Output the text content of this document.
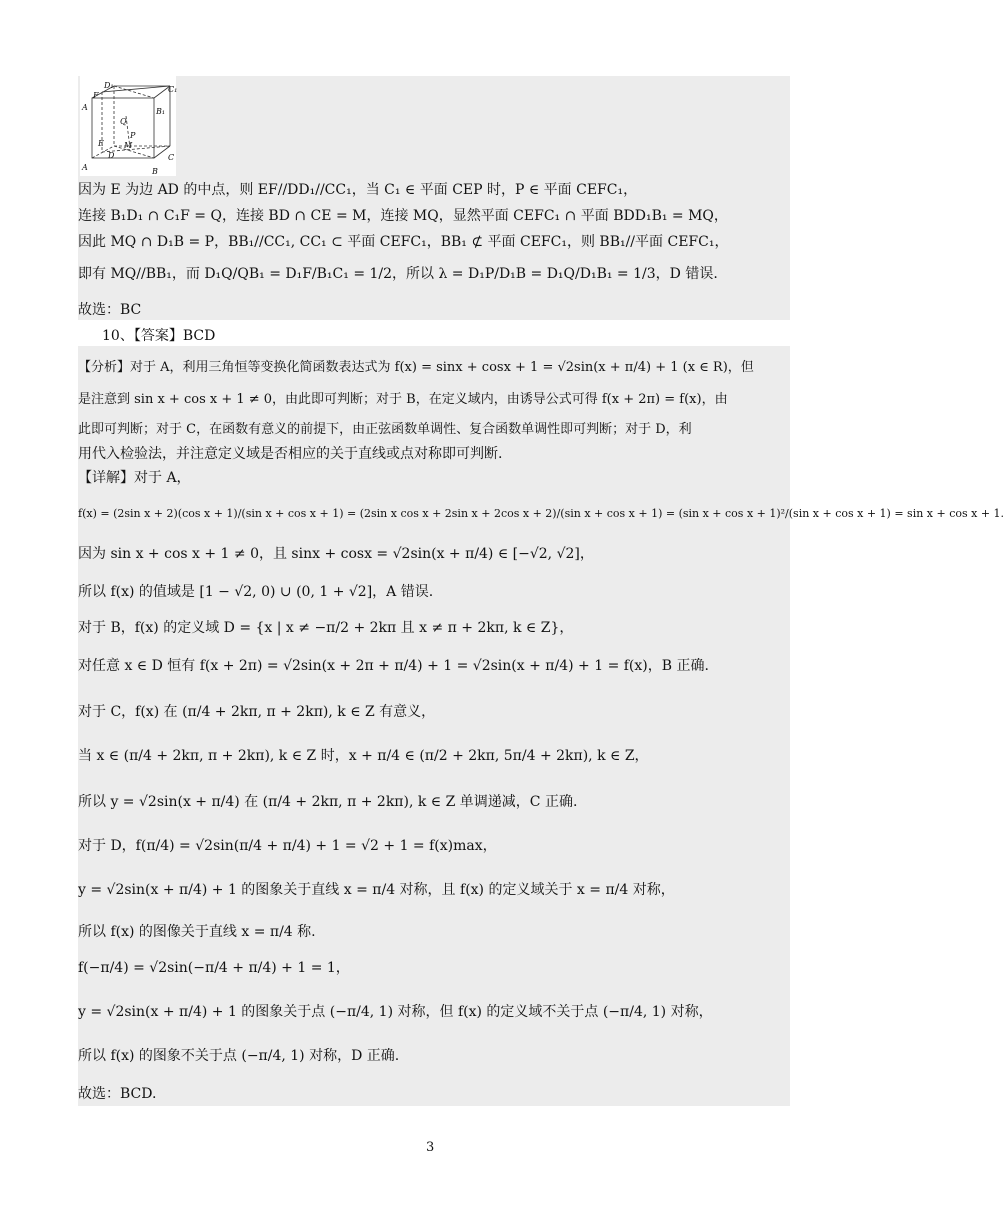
D₁	C₁
F
A	B₁
Q
E	M
P
D	C
A	B
因为 E 为边 AD 的中点，则 EF//DD₁//CC₁，当 C₁ ∈ 平面 CEP 时，P ∈ 平面 CEFC₁，
连接 B₁D₁ ∩ C₁F = Q，连接 BD ∩ CE = M，连接 MQ，显然平面 CEFC₁ ∩ 平面 BDD₁B₁ = MQ，
因此 MQ ∩ D₁B = P，BB₁//CC₁, CC₁ ⊂ 平面 CEFC₁，BB₁ ⊄ 平面 CEFC₁，则 BB₁//平面 CEFC₁，
即有 MQ//BB₁，而 D₁Q/QB₁ = D₁F/B₁C₁ = 1/2，所以 λ = D₁P/D₁B = D₁Q/D₁B₁ = 1/3，D 错误.
故选：BC
10、【答案】BCD
【分析】对于 A，利用三角恒等变换化简函数表达式为 f(x) = sinx + cosx + 1 = √2sin(x + π/4) + 1 (x ∈ R)，但
是注意到 sin x + cos x + 1 ≠ 0，由此即可判断；对于 B，在定义域内，由诱导公式可得 f(x + 2π) = f(x)，由
此即可判断；对于 C，在函数有意义的前提下，由正弦函数单调性、复合函数单调性即可判断；对于 D，利
用代入检验法，并注意定义域是否相应的关于直线或点对称即可判断.
【详解】对于 A，
f(x) = (2sin x + 2)(cos x + 1)/(sin x + cos x + 1) = (2sin x cos x + 2sin x + 2cos x + 2)/(sin x + cos x + 1) = (sin x + cos x + 1)²/(sin x + cos x + 1) = sin x + cos x + 1.
因为 sin x + cos x + 1 ≠ 0，且 sinx + cosx = √2sin(x + π/4) ∈ [−√2, √2]，
所以 f(x) 的值域是 [1 − √2, 0) ∪ (0, 1 + √2]，A 错误.
对于 B，f(x) 的定义域 D = {x | x ≠ −π/2 + 2kπ 且 x ≠ π + 2kπ, k ∈ Z}，
对任意 x ∈ D 恒有 f(x + 2π) = √2sin(x + 2π + π/4) + 1 = √2sin(x + π/4) + 1 = f(x)，B 正确.
对于 C，f(x) 在 (π/4 + 2kπ, π + 2kπ), k ∈ Z 有意义，
当 x ∈ (π/4 + 2kπ, π + 2kπ), k ∈ Z 时，x + π/4 ∈ (π/2 + 2kπ, 5π/4 + 2kπ), k ∈ Z，
所以 y = √2sin(x + π/4) 在 (π/4 + 2kπ, π + 2kπ), k ∈ Z 单调递减，C 正确.
对于 D，f(π/4) = √2sin(π/4 + π/4) + 1 = √2 + 1 = f(x)max，
y = √2sin(x + π/4) + 1 的图象关于直线 x = π/4 对称，且 f(x) 的定义域关于 x = π/4 对称，
所以 f(x) 的图像关于直线 x = π/4 称.
f(−π/4) = √2sin(−π/4 + π/4) + 1 = 1，
y = √2sin(x + π/4) + 1 的图象关于点 (−π/4, 1) 对称，但 f(x) 的定义域不关于点 (−π/4, 1) 对称，
所以 f(x) 的图象不关于点 (−π/4, 1) 对称，D 正确.
故选：BCD.
3
